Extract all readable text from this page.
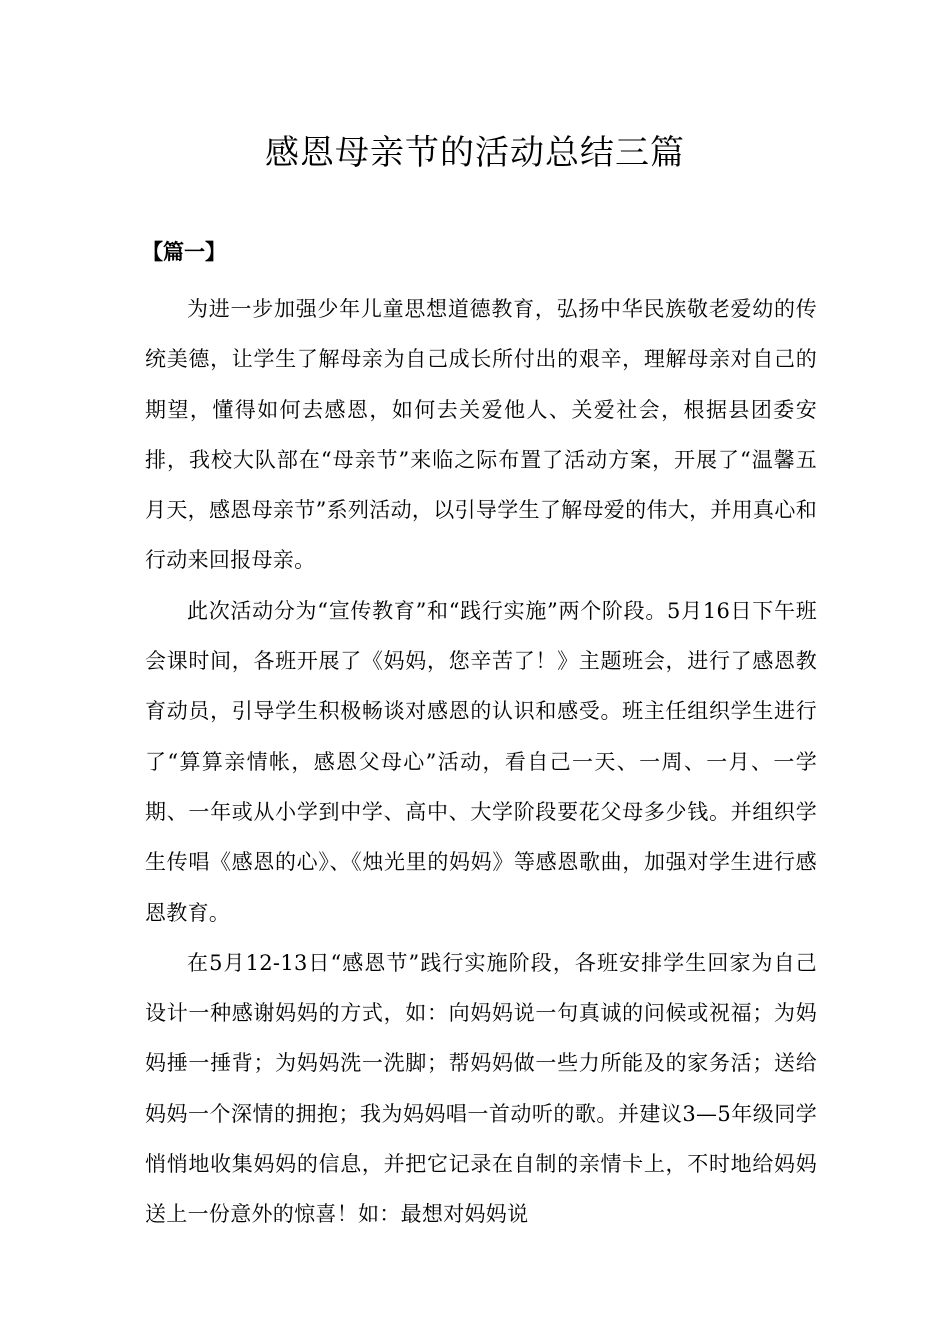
感恩母亲节的活动总结三篇
【篇一】

为进一步加强少年儿童思想道德教育，弘扬中华民族敬老爱幼的传统美德，让学生了解母亲为自己成长所付出的艰辛，理解母亲对自己的期望，懂得如何去感恩，如何去关爱他人、关爱社会，根据县团委安排，我校大队部在“母亲节”来临之际布置了活动方案，开展了“温馨五月天，感恩母亲节”系列活动，以引导学生了解母爱的伟大，并用真心和行动来回报母亲。

此次活动分为“宣传教育”和“践行实施”两个阶段。5月16日下午班会课时间，各班开展了《妈妈，您辛苦了！》主题班会，进行了感恩教育动员，引导学生积极畅谈对感恩的认识和感受。班主任组织学生进行了“算算亲情帐，感恩父母心”活动，看自己一天、一周、一月、一学期、一年或从小学到中学、高中、大学阶段要花父母多少钱。并组织学生传唱《感恩的心》、《烛光里的妈妈》等感恩歌曲，加强对学生进行感恩教育。

在5月12-13日“感恩节”践行实施阶段，各班安排学生回家为自己设计一种感谢妈妈的方式，如：向妈妈说一句真诚的问候或祝福；为妈妈捶一捶背；为妈妈洗一洗脚；帮妈妈做一些力所能及的家务活；送给妈妈一个深情的拥抱；我为妈妈唱一首动听的歌。并建议3—5年级同学悄悄地收集妈妈的信息，并把它记录在自制的亲情卡上，不时地给妈妈送上一份意外的惊喜！如：最想对妈妈说
